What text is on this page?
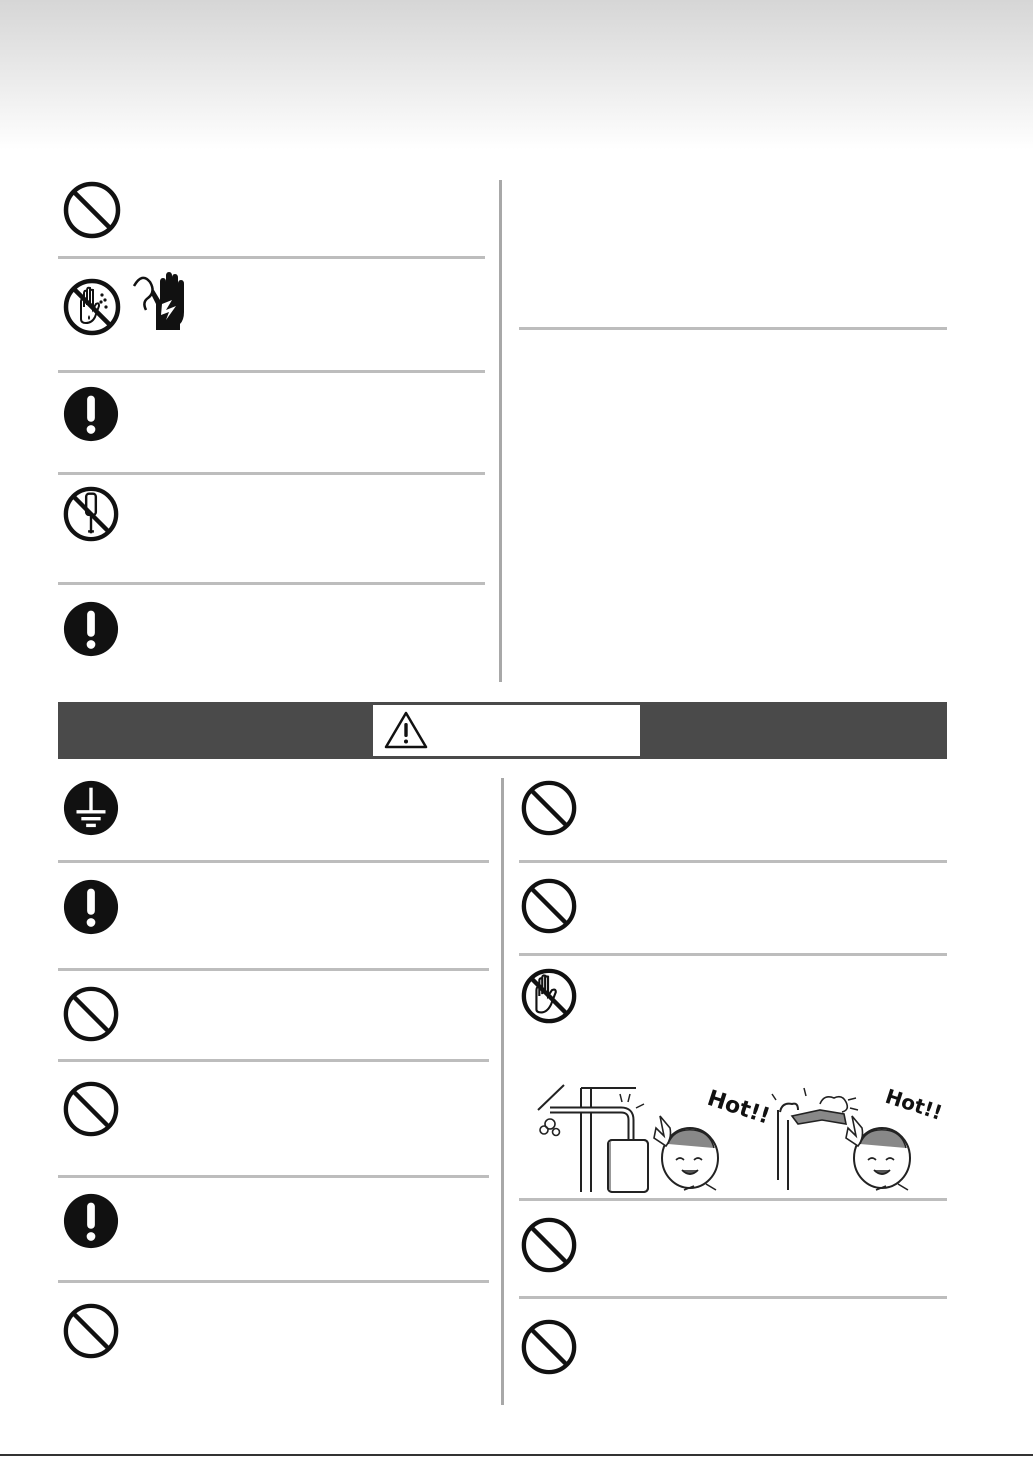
Hot!!	Hot!!
